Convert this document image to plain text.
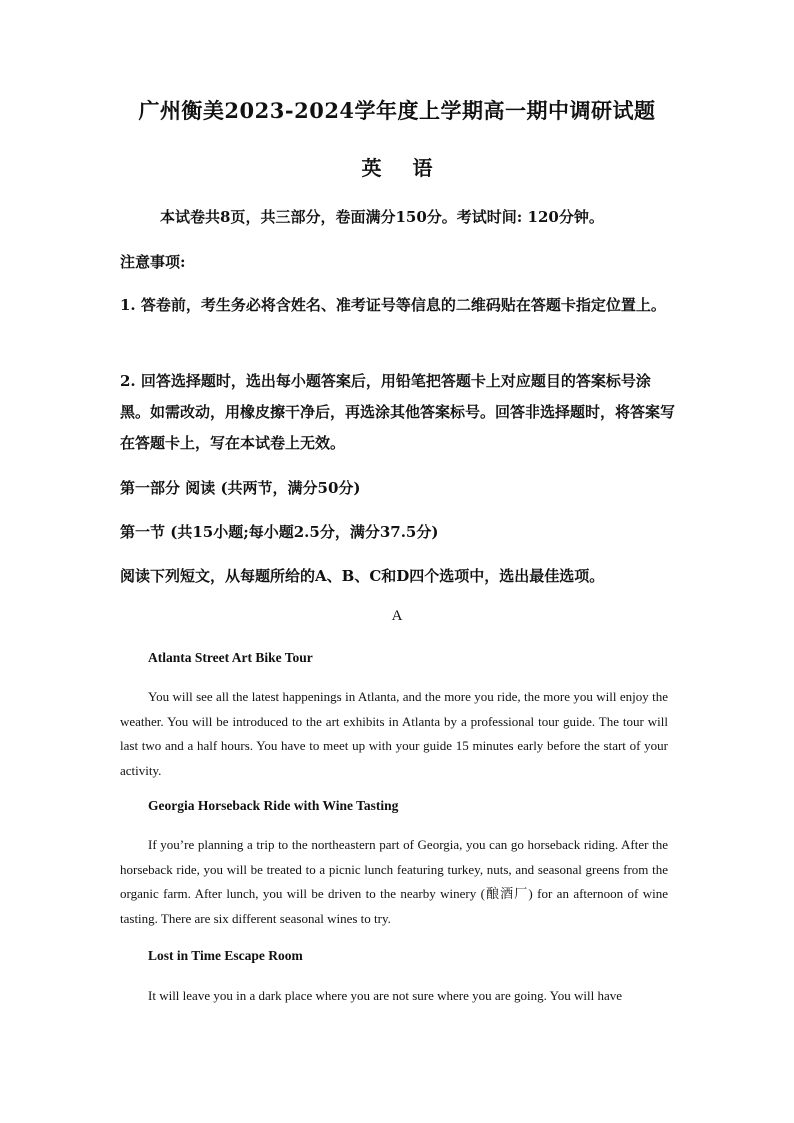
广州衡美2023-2024学年度上学期高一期中调研试题
英 语
本试卷共8页，共三部分，卷面满分150分。考试时间: 120分钟。
注意事项:
1. 答卷前，考生务必将含姓名、准考证号等信息的二维码贴在答题卡指定位置上。
2. 回答选择题时，选出每小题答案后，用铅笔把答题卡上对应题目的答案标号涂黑。如需改动，用橡皮擦干净后，再选涂其他答案标号。回答非选择题时，将答案写在答题卡上，写在本试卷上无效。
第一部分 阅读 (共两节，满分50分)
第一节 (共15小题;每小题2.5分，满分37.5分)
阅读下列短文，从每题所给的A、B、C和D四个选项中，选出最佳选项。
A
Atlanta Street Art Bike Tour
You will see all the latest happenings in Atlanta, and the more you ride, the more you will enjoy the weather. You will be introduced to the art exhibits in Atlanta by a professional tour guide. The tour will last two and a half hours. You have to meet up with your guide 15 minutes early before the start of your activity.
Georgia Horseback Ride with Wine Tasting
If you’re planning a trip to the northeastern part of Georgia, you can go horseback riding. After the horseback ride, you will be treated to a picnic lunch featuring turkey, nuts, and seasonal greens from the organic farm. After lunch, you will be driven to the nearby winery (酿酒厂) for an afternoon of wine tasting. There are six different seasonal wines to try.
Lost in Time Escape Room
It will leave you in a dark place where you are not sure where you are going. You will have
